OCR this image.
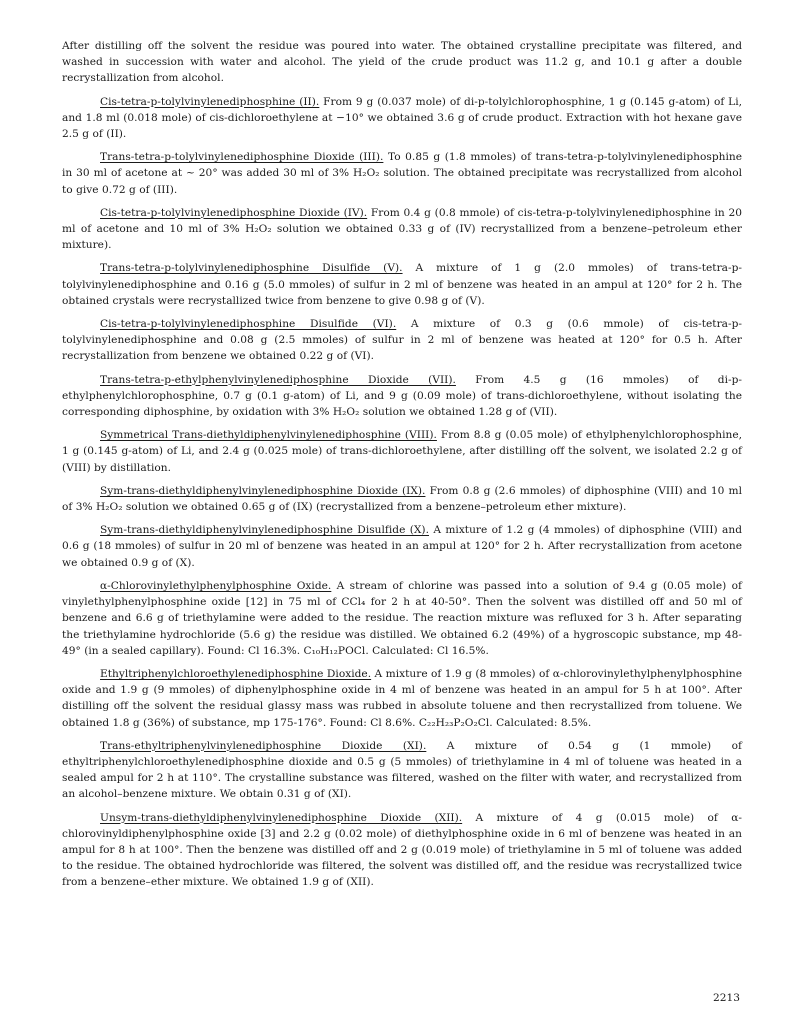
After distilling off the solvent the residue was poured into water. The obtained crystalline precipitate was filtered, and washed in succession with water and alcohol. The yield of the crude product was 11.2 g, and 10.1 g after a double recrystallization from alcohol.

Cis-tetra-p-tolylvinylenediphosphine (II). From 9 g (0.037 mole) of di-p-tolylchlorophosphine, 1 g (0.145 g-atom) of Li, and 1.8 ml (0.018 mole) of cis-dichloroethylene at −10° we obtained 3.6 g of crude product. Extraction with hot hexane gave 2.5 g of (II).

Trans-tetra-p-tolylvinylenediphosphine Dioxide (III). To 0.85 g (1.8 mmoles) of trans-tetra-p-tolylvinylenediphosphine in 30 ml of acetone at ~ 20° was added 30 ml of 3% H₂O₂ solution. The obtained precipitate was recrystallized from alcohol to give 0.72 g of (III).

Cis-tetra-p-tolylvinylenediphosphine Dioxide (IV). From 0.4 g (0.8 mmole) of cis-tetra-p-tolylvinylenediphosphine in 20 ml of acetone and 10 ml of 3% H₂O₂ solution we obtained 0.33 g of (IV) recrystallized from a benzene–petroleum ether mixture).

Trans-tetra-p-tolylvinylenediphosphine Disulfide (V). A mixture of 1 g (2.0 mmoles) of trans-tetra-p-tolylvinylenediphosphine and 0.16 g (5.0 mmoles) of sulfur in 2 ml of benzene was heated in an ampul at 120° for 2 h. The obtained crystals were recrystallized twice from benzene to give 0.98 g of (V).

Cis-tetra-p-tolylvinylenediphosphine Disulfide (VI). A mixture of 0.3 g (0.6 mmole) of cis-tetra-p-tolylvinylenediphosphine and 0.08 g (2.5 mmoles) of sulfur in 2 ml of benzene was heated at 120° for 0.5 h. After recrystallization from benzene we obtained 0.22 g of (VI).

Trans-tetra-p-ethylphenylvinylenediphosphine Dioxide (VII). From 4.5 g (16 mmoles) of di-p-ethylphenylchlorophosphine, 0.7 g (0.1 g-atom) of Li, and 9 g (0.09 mole) of trans-dichloroethylene, without isolating the corresponding diphosphine, by oxidation with 3% H₂O₂ solution we obtained 1.28 g of (VII).

Symmetrical Trans-diethyldiphenylvinylenediphosphine (VIII). From 8.8 g (0.05 mole) of ethylphenylchlorophosphine, 1 g (0.145 g-atom) of Li, and 2.4 g (0.025 mole) of trans-dichloroethylene, after distilling off the solvent, we isolated 2.2 g of (VIII) by distillation.

Sym-trans-diethyldiphenylvinylenediphosphine Dioxide (IX). From 0.8 g (2.6 mmoles) of diphosphine (VIII) and 10 ml of 3% H₂O₂ solution we obtained 0.65 g of (IX) (recrystallized from a benzene–petroleum ether mixture).

Sym-trans-diethyldiphenylvinylenediphosphine Disulfide (X). A mixture of 1.2 g (4 mmoles) of diphosphine (VIII) and 0.6 g (18 mmoles) of sulfur in 20 ml of benzene was heated in an ampul at 120° for 2 h. After recrystallization from acetone we obtained 0.9 g of (X).

α-Chlorovinylethylphenylphosphine Oxide. A stream of chlorine was passed into a solution of 9.4 g (0.05 mole) of vinylethylphenylphosphine oxide [12] in 75 ml of CCl₄ for 2 h at 40-50°. Then the solvent was distilled off and 50 ml of benzene and 6.6 g of triethylamine were added to the residue. The reaction mixture was refluxed for 3 h. After separating the triethylamine hydrochloride (5.6 g) the residue was distilled. We obtained 6.2 (49%) of a hygroscopic substance, mp 48-49° (in a sealed capillary). Found: Cl 16.3%. C₁₀H₁₂POCl. Calculated: Cl 16.5%.

Ethyltriphenylchloroethylenediphosphine Dioxide. A mixture of 1.9 g (8 mmoles) of α-chlorovinylethylphenylphosphine oxide and 1.9 g (9 mmoles) of diphenylphosphine oxide in 4 ml of benzene was heated in an ampul for 5 h at 100°. After distilling off the solvent the residual glassy mass was rubbed in absolute toluene and then recrystallized from toluene. We obtained 1.8 g (36%) of substance, mp 175-176°. Found: Cl 8.6%. C₂₂H₂₃P₂O₂Cl. Calculated: 8.5%.

Trans-ethyltriphenylvinylenediphosphine Dioxide (XI). A mixture of 0.54 g (1 mmole) of ethyltriphenylchloroethylenediphosphine dioxide and 0.5 g (5 mmoles) of triethylamine in 4 ml of toluene was heated in a sealed ampul for 2 h at 110°. The crystalline substance was filtered, washed on the filter with water, and recrystallized from an alcohol–benzene mixture. We obtain 0.31 g of (XI).

Unsym-trans-diethyldiphenylvinylenediphosphine Dioxide (XII). A mixture of 4 g (0.015 mole) of α-chlorovinyldiphenylphosphine oxide [3] and 2.2 g (0.02 mole) of diethylphosphine oxide in 6 ml of benzene was heated in an ampul for 8 h at 100°. Then the benzene was distilled off and 2 g (0.019 mole) of triethylamine in 5 ml of toluene was added to the residue. The obtained hydrochloride was filtered, the solvent was distilled off, and the residue was recrystallized twice from a benzene–ether mixture. We obtained 1.9 g of (XII).

2213
